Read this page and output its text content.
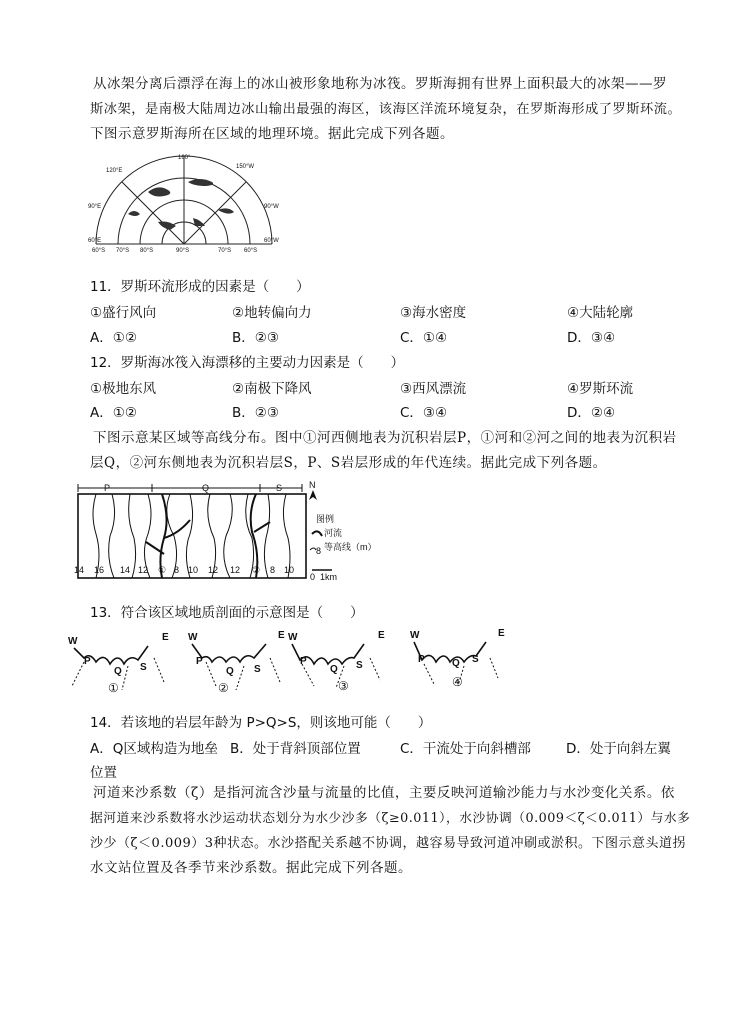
从冰架分离后漂浮在海上的冰山被形象地称为冰筏。罗斯海拥有世界上面积最大的冰架——罗
斯冰架，是南极大陆周边冰山输出最强的海区，该海区洋流环境复杂，在罗斯海形成了罗斯环流。
下图示意罗斯海所在区域的地理环境。据此完成下列各题。
120°E
150°W
160°
90°E	90°W
60°E	60°W
60°S 70°S 80°S	90°S	70°S 60°S
11．罗斯环流形成的因素是（　　）
①盛行风向	②地转偏向力	③海水密度	④大陆轮廓
A．①②	B．②③	C．①④	D．③④
12．罗斯海冰筏入海漂移的主要动力因素是（　　）
①极地东风	②南极下降风	③西风漂流	④罗斯环流
A．①②	B．②③	C．③④	D．②④
下图示意某区域等高线分布。图中①河西侧地表为沉积岩层P，①河和②河之间的地表为沉积岩
层Q，②河东侧地表为沉积岩层S，P、S岩层形成的年代连续。据此完成下列各题。
P	Q	S	N
14 16 14 12 ① 8 10 12 12 ② 8 10
图例
河流
8 等高线（m）
0 1km
13．符合该区域地质剖面的示意图是（　　）
W	E
P
Q S
①
W	E
P
Q S
②
W	E
P
Q S
③
W	E
P	Q S
④
14．若该地的岩层年龄为 P>Q>S，则该地可能（　　）
A．Q区域构造为地垒 B．处于背斜顶部位置	C．干流处于向斜槽部	D．处于向斜左翼
位置
河道来沙系数（ζ）是指河流含沙量与流量的比值，主要反映河道输沙能力与水沙变化关系。依
据河道来沙系数将水沙运动状态划分为水少沙多（ζ≥0.011），水沙协调（0.009＜ζ＜0.011）与水多
沙少（ζ＜0.009）3种状态。水沙搭配关系越不协调，越容易导致河道冲刷或淤积。下图示意头道拐
水文站位置及各季节来沙系数。据此完成下列各题。
